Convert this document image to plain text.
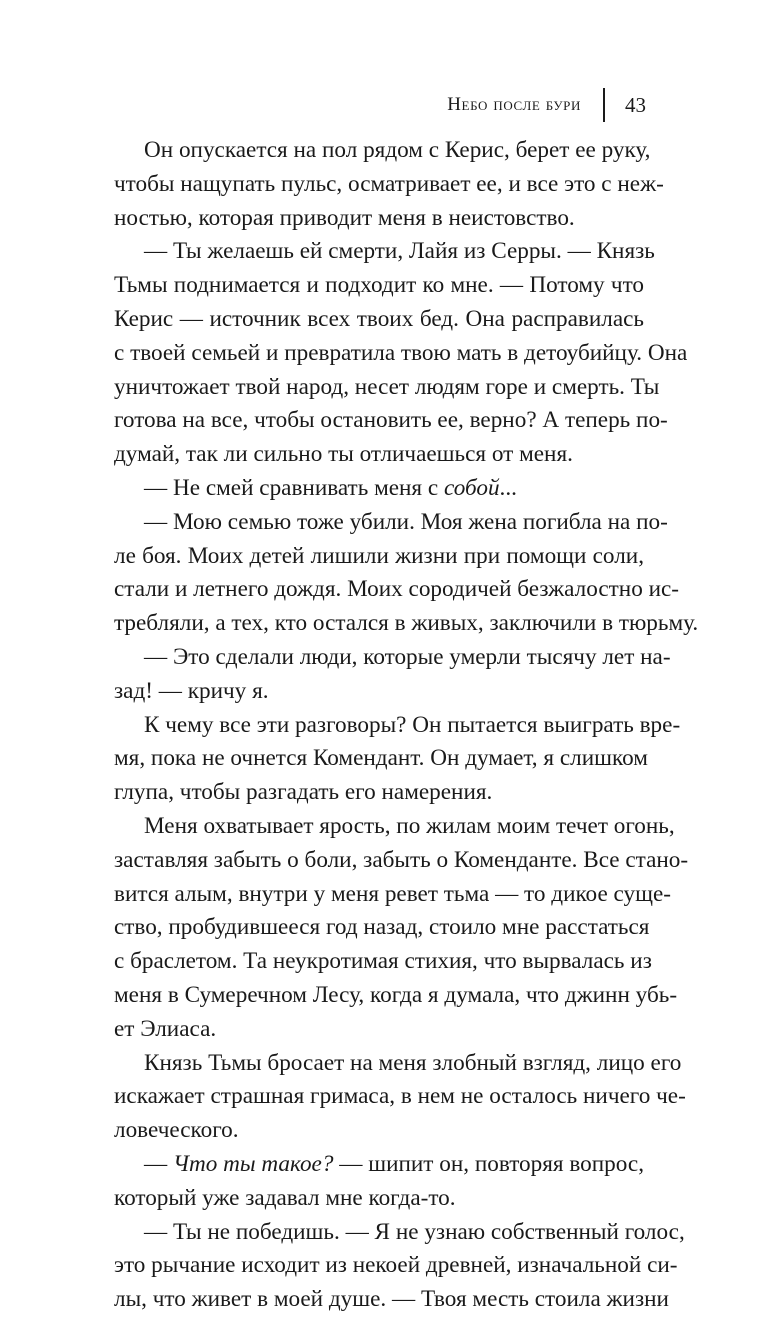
Небо после бури 43

Он опускается на пол рядом с Керис, берет ее руку,
чтобы нащупать пульс, осматривает ее, и все это с неж-
ностью, которая приводит меня в неистовство.

— Ты желаешь ей смерти, Лайя из Серры. — Князь
Тьмы поднимается и подходит ко мне. — Потому что
Керис — источник всех твоих бед. Она расправилась
с твоей семьей и превратила твою мать в детоубийцу. Она
уничтожает твой народ, несет людям горе и смерть. Ты
готова на все, чтобы остановить ее, верно? А теперь по-
думай, так ли сильно ты отличаешься от меня.

— Не смей сравнивать меня с собой...

— Мою семью тоже убили. Моя жена погибла на по-
ле боя. Моих детей лишили жизни при помощи соли,
стали и летнего дождя. Моих сородичей безжалостно ис-
требляли, а тех, кто остался в живых, заключили в тюрьму.

— Это сделали люди, которые умерли тысячу лет на-
зад! — кричу я.

К чему все эти разговоры? Он пытается выиграть вре-
мя, пока не очнется Комендант. Он думает, я слишком
глупа, чтобы разгадать его намерения.

Меня охватывает ярость, по жилам моим течет огонь,
заставляя забыть о боли, забыть о Коменданте. Все стано-
вится алым, внутри у меня ревет тьма — то дикое суще-
ство, пробудившееся год назад, стоило мне расстаться
с браслетом. Та неукротимая стихия, что вырвалась из
меня в Сумеречном Лесу, когда я думала, что джинн убь-
ет Элиаса.

Князь Тьмы бросает на меня злобный взгляд, лицо его
искажает страшная гримаса, в нем не осталось ничего че-
ловеческого.

— Что ты такое? — шипит он, повторяя вопрос,
который уже задавал мне когда-то.

— Ты не победишь. — Я не узнаю собственный голос,
это рычание исходит из некоей древней, изначальной си-
лы, что живет в моей душе. — Твоя месть стоила жизни
